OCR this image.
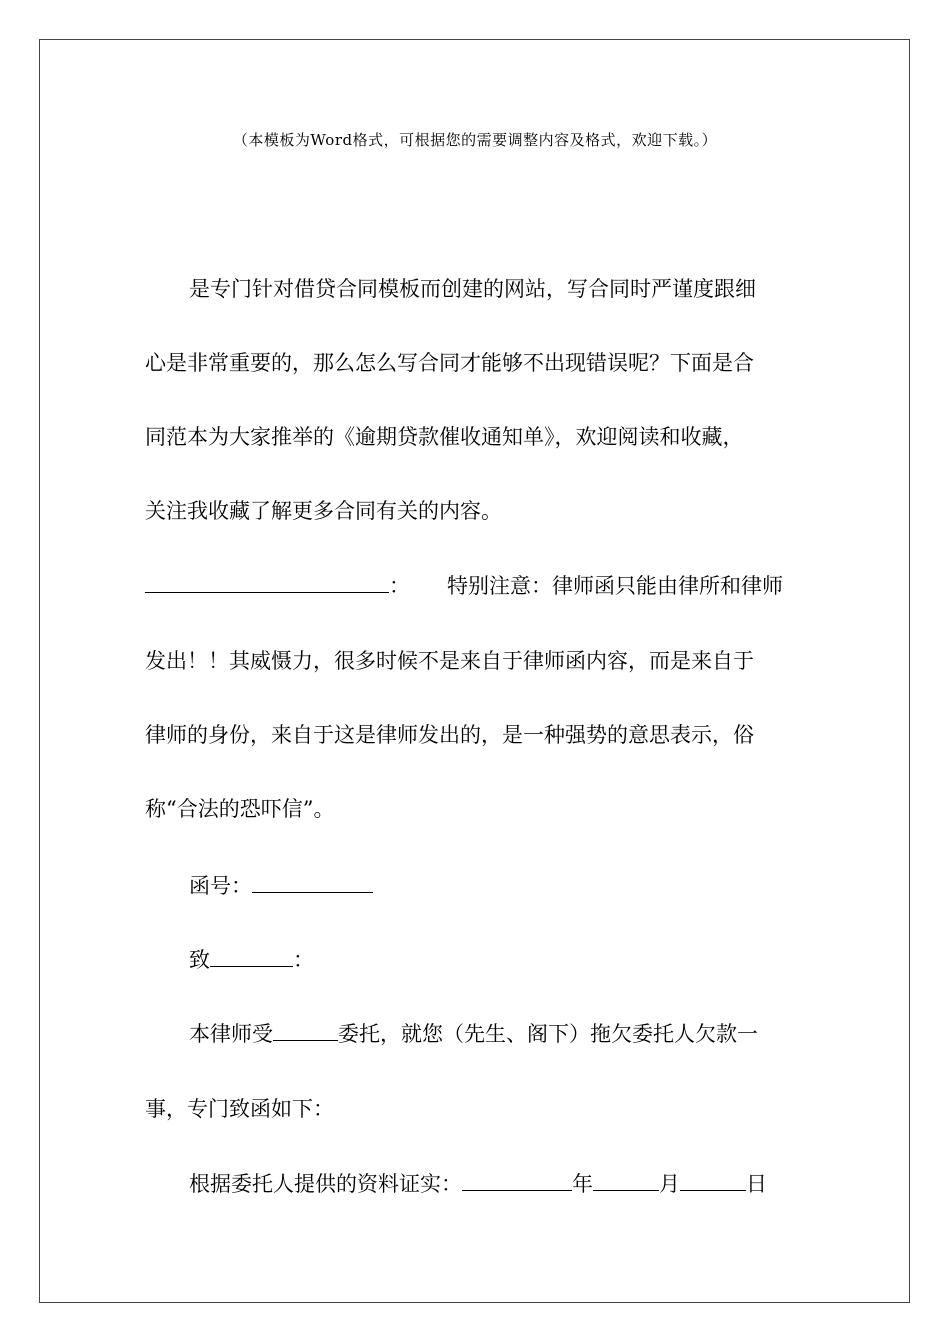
（本模板为Word格式，可根据您的需要调整内容及格式，欢迎下载。）
是专门针对借贷合同模板而创建的网站，写合同时严谨度跟细
心是非常重要的，那么怎么写合同才能够不出现错误呢？下面是合
同范本为大家推举的《逾期贷款催收通知单》，欢迎阅读和收藏，
关注我收藏了解更多合同有关的内容。
： 特别注意：律师函只能由律所和律师
发出！！其威慑力，很多时候不是来自于律师函内容，而是来自于
律师的身份，来自于这是律师发出的，是一种强势的意思表示，俗
称“合法的恐吓信”。
函号：
致	：
本律师受	委托，就您（先生、阁下）拖欠委托人欠款一
事，专门致函如下：
根据委托人提供的资料证实：	年	月	日
